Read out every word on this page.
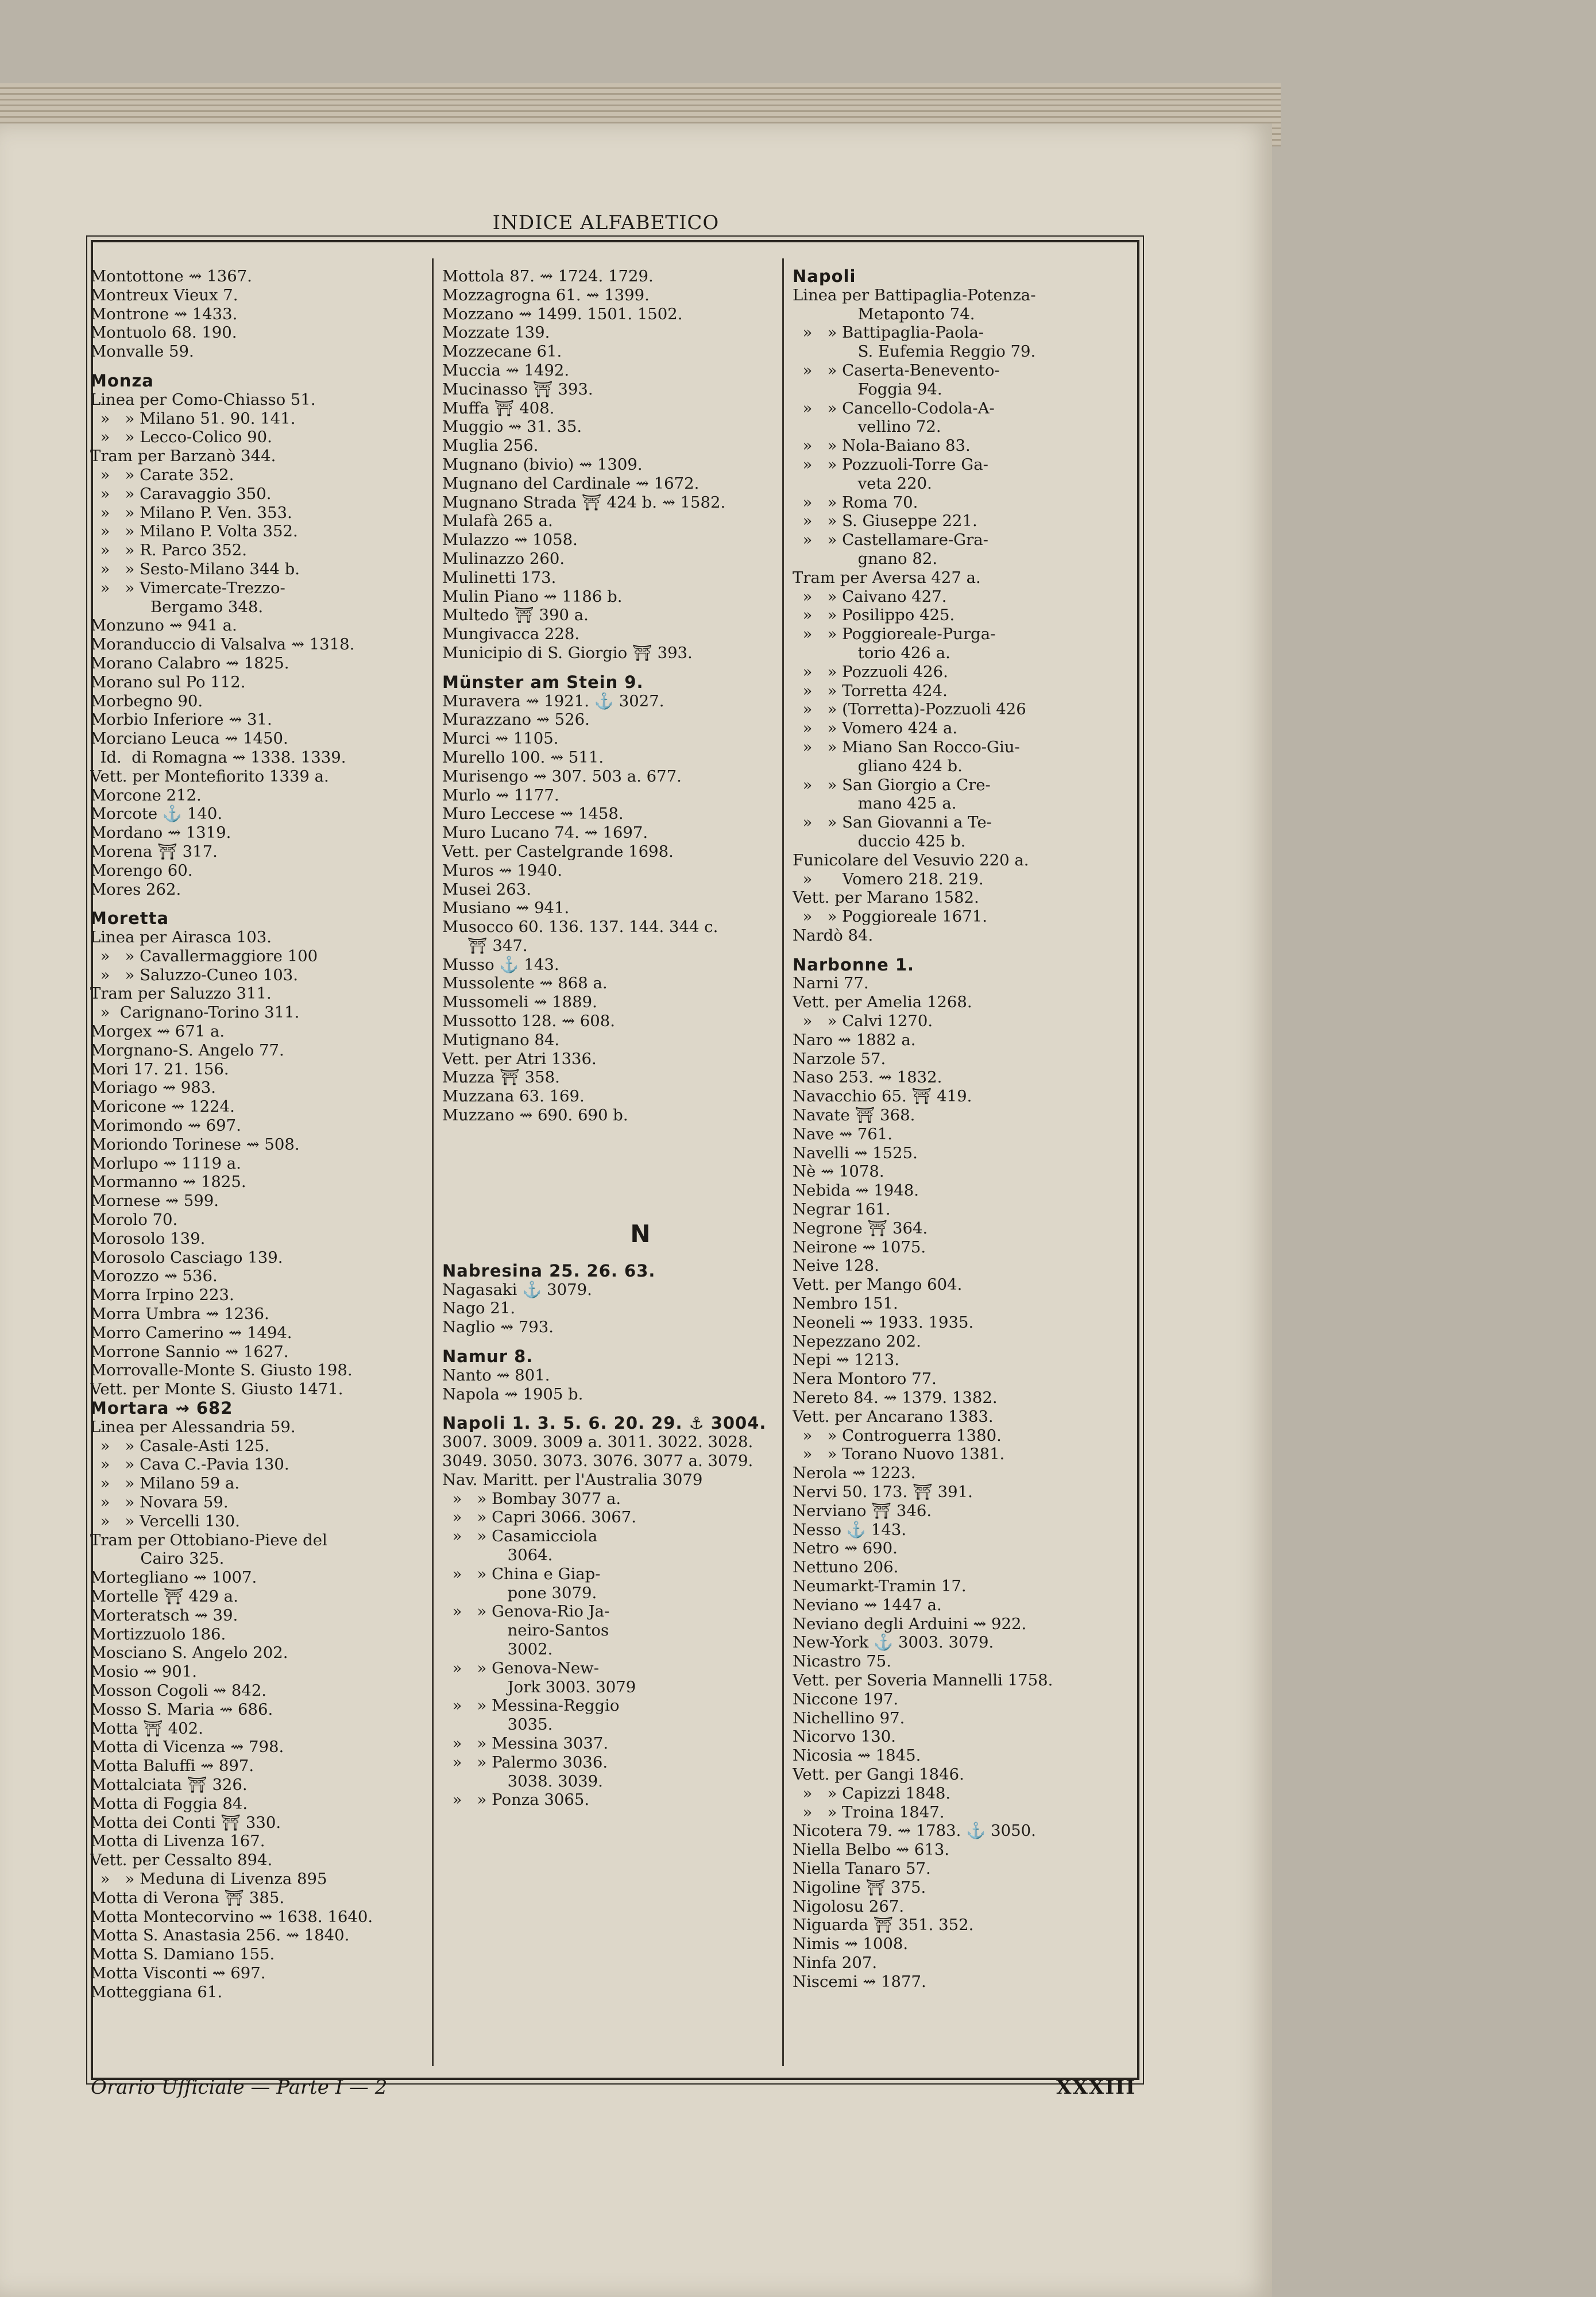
INDICE ALFABETICO
Montottone ⇝ 1367.
Montreux Vieux 7.
Montrone ⇝ 1433.
Montuolo 68. 190.
Monvalle 59.
Monza
Linea per Como-Chiasso 51.
»   » Milano 51. 90. 141.
»   » Lecco-Colico 90.
Tram per Barzanò 344.
»   » Carate 352.
»   » Caravaggio 350.
»   » Milano P. Ven. 353.
»   » Milano P. Volta 352.
»   » R. Parco 352.
»   » Sesto-Milano 344 b.
»   » Vimercate-Trezzo-
Bergamo 348.
Monzuno ⇝ 941 a.
Moranduccio di Valsalva ⇝ 1318.
Morano Calabro ⇝ 1825.
Morano sul Po 112.
Morbegno 90.
Morbio Inferiore ⇝ 31.
Morciano Leuca ⇝ 1450.
Id.  di Romagna ⇝ 1338. 1339.
Vett. per Montefiorito 1339 a.
Morcone 212.
Morcote ⚓ 140.
Mordano ⇝ 1319.
Morena ⛩ 317.
Morengo 60.
Mores 262.
Moretta
Linea per Airasca 103.
»   » Cavallermaggiore 100
»   » Saluzzo-Cuneo 103.
Tram per Saluzzo 311.
»  Carignano-Torino 311.
Morgex ⇝ 671 a.
Morgnano-S. Angelo 77.
Mori 17. 21. 156.
Moriago ⇝ 983.
Moricone ⇝ 1224.
Morimondo ⇝ 697.
Moriondo Torinese ⇝ 508.
Morlupo ⇝ 1119 a.
Mormanno ⇝ 1825.
Mornese ⇝ 599.
Morolo 70.
Morosolo 139.
Morosolo Casciago 139.
Morozzo ⇝ 536.
Morra Irpino 223.
Morra Umbra ⇝ 1236.
Morro Camerino ⇝ 1494.
Morrone Sannio ⇝ 1627.
Morrovalle-Monte S. Giusto 198.
Vett. per Monte S. Giusto 1471.
Mortara ⇝ 682
Linea per Alessandria 59.
»   » Casale-Asti 125.
»   » Cava C.-Pavia 130.
»   » Milano 59 a.
»   » Novara 59.
»   » Vercelli 130.
Tram per Ottobiano-Pieve del
Cairo 325.
Mortegliano ⇝ 1007.
Mortelle ⛩ 429 a.
Morteratsch ⇝ 39.
Mortizzuolo 186.
Mosciano S. Angelo 202.
Mosio ⇝ 901.
Mosson Cogoli ⇝ 842.
Mosso S. Maria ⇝ 686.
Motta ⛩ 402.
Motta di Vicenza ⇝ 798.
Motta Baluffi ⇝ 897.
Mottalciata ⛩ 326.
Motta di Foggia 84.
Motta dei Conti ⛩ 330.
Motta di Livenza 167.
Vett. per Cessalto 894.
»   » Meduna di Livenza 895
Motta di Verona ⛩ 385.
Motta Montecorvino ⇝ 1638. 1640.
Motta S. Anastasia 256. ⇝ 1840.
Motta S. Damiano 155.
Motta Visconti ⇝ 697.
Motteggiana 61.
Mottola 87. ⇝ 1724. 1729.
Mozzagrogna 61. ⇝ 1399.
Mozzano ⇝ 1499. 1501. 1502.
Mozzate 139.
Mozzecane 61.
Muccia ⇝ 1492.
Mucinasso ⛩ 393.
Muffa ⛩ 408.
Muggio ⇝ 31. 35.
Muglia 256.
Mugnano (bivio) ⇝ 1309.
Mugnano del Cardinale ⇝ 1672.
Mugnano Strada ⛩ 424 b. ⇝ 1582.
Mulafà 265 a.
Mulazzo ⇝ 1058.
Mulinazzo 260.
Mulinetti 173.
Mulin Piano ⇝ 1186 b.
Multedo ⛩ 390 a.
Mungivacca 228.
Municipio di S. Giorgio ⛩ 393.
Münster am Stein 9.
Muravera ⇝ 1921. ⚓ 3027.
Murazzano ⇝ 526.
Murci ⇝ 1105.
Murello 100. ⇝ 511.
Murisengo ⇝ 307. 503 a. 677.
Murlo ⇝ 1177.
Muro Leccese ⇝ 1458.
Muro Lucano 74. ⇝ 1697.
Vett. per Castelgrande 1698.
Muros ⇝ 1940.
Musei 263.
Musiano ⇝ 941.
Musocco 60. 136. 137. 144. 344 c.
⛩ 347.
Musso ⚓ 143.
Mussolente ⇝ 868 a.
Mussomeli ⇝ 1889.
Mussotto 128. ⇝ 608.
Mutignano 84.
Vett. per Atri 1336.
Muzza ⛩ 358.
Muzzana 63. 169.
Muzzano ⇝ 690. 690 b.
N
Nabresina 25. 26. 63.
Nagasaki ⚓ 3079.
Nago 21.
Naglio ⇝ 793.
Namur 8.
Nanto ⇝ 801.
Napola ⇝ 1905 b.
Napoli 1. 3. 5. 6. 20. 29. ⚓ 3004.
3007. 3009. 3009 a. 3011. 3022. 3028.
3049. 3050. 3073. 3076. 3077 a. 3079.
Nav. Maritt. per l'Australia 3079
»   » Bombay 3077 a.
»   » Capri 3066. 3067.
»   » Casamicciola
3064.
»   » China e Giap-
pone 3079.
»   » Genova-Rio Ja-
neiro-Santos
3002.
»   » Genova-New-
Jork 3003. 3079
»   » Messina-Reggio
3035.
»   » Messina 3037.
»   » Palermo 3036.
3038. 3039.
»   » Ponza 3065.
Napoli
Linea per Battipaglia-Potenza-
Metaponto 74.
»   » Battipaglia-Paola-
S. Eufemia Reggio 79.
»   » Caserta-Benevento-
Foggia 94.
»   » Cancello-Codola-A-
vellino 72.
»   » Nola-Baiano 83.
»   » Pozzuoli-Torre Ga-
veta 220.
»   » Roma 70.
»   » S. Giuseppe 221.
»   » Castellamare-Gra-
gnano 82.
Tram per Aversa 427 a.
»   » Caivano 427.
»   » Posilippo 425.
»   » Poggioreale-Purga-
torio 426 a.
»   » Pozzuoli 426.
»   » Torretta 424.
»   » (Torretta)-Pozzuoli 426
»   » Vomero 424 a.
»   » Miano San Rocco-Giu-
gliano 424 b.
»   » San Giorgio a Cre-
mano 425 a.
»   » San Giovanni a Te-
duccio 425 b.
Funicolare del Vesuvio 220 a.
»      Vomero 218. 219.
Vett. per Marano 1582.
»   » Poggioreale 1671.
Nardò 84.
Narbonne 1.
Narni 77.
Vett. per Amelia 1268.
»   » Calvi 1270.
Naro ⇝ 1882 a.
Narzole 57.
Naso 253. ⇝ 1832.
Navacchio 65. ⛩ 419.
Navate ⛩ 368.
Nave ⇝ 761.
Navelli ⇝ 1525.
Nè ⇝ 1078.
Nebida ⇝ 1948.
Negrar 161.
Negrone ⛩ 364.
Neirone ⇝ 1075.
Neive 128.
Vett. per Mango 604.
Nembro 151.
Neoneli ⇝ 1933. 1935.
Nepezzano 202.
Nepi ⇝ 1213.
Nera Montoro 77.
Nereto 84. ⇝ 1379. 1382.
Vett. per Ancarano 1383.
»   » Controguerra 1380.
»   » Torano Nuovo 1381.
Nerola ⇝ 1223.
Nervi 50. 173. ⛩ 391.
Nerviano ⛩ 346.
Nesso ⚓ 143.
Netro ⇝ 690.
Nettuno 206.
Neumarkt-Tramin 17.
Neviano ⇝ 1447 a.
Neviano degli Arduini ⇝ 922.
New-York ⚓ 3003. 3079.
Nicastro 75.
Vett. per Soveria Mannelli 1758.
Niccone 197.
Nichellino 97.
Nicorvo 130.
Nicosia ⇝ 1845.
Vett. per Gangi 1846.
»   » Capizzi 1848.
»   » Troina 1847.
Nicotera 79. ⇝ 1783. ⚓ 3050.
Niella Belbo ⇝ 613.
Niella Tanaro 57.
Nigoline ⛩ 375.
Nigolosu 267.
Niguarda ⛩ 351. 352.
Nimis ⇝ 1008.
Ninfa 207.
Niscemi ⇝ 1877.
Orario Ufficiale — Parte I — 2	XXXIII
